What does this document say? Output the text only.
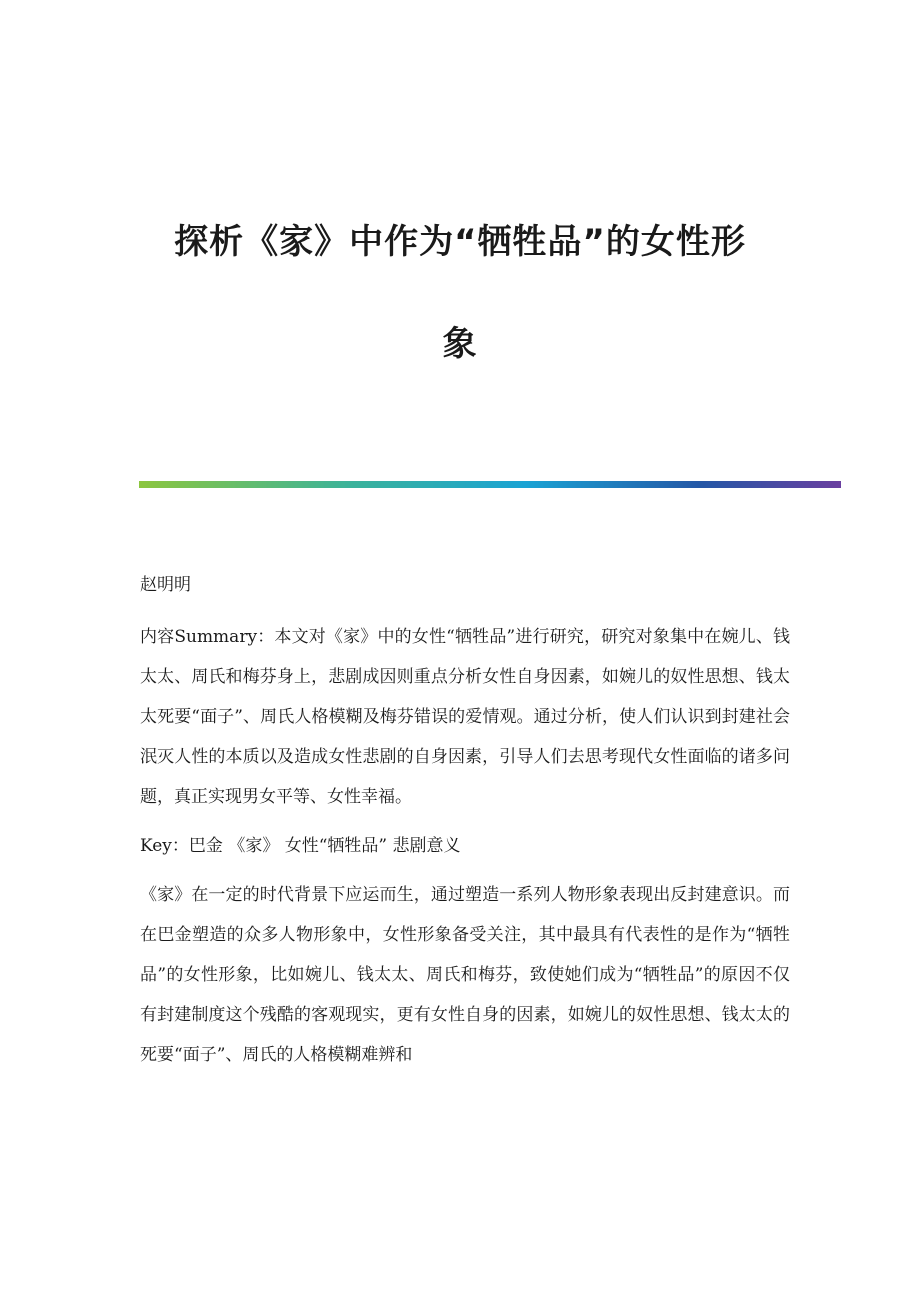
探析《家》中作为“牺牲品”的女性形
象

赵明明

内容Summary：本文对《家》中的女性“牺牲品”进行研究，研究对象集中在婉儿、钱太太、周氏和梅芬身上，悲剧成因则重点分析女性自身因素，如婉儿的奴性思想、钱太太死要“面子”、周氏人格模糊及梅芬错误的爱情观。通过分析，使人们认识到封建社会泯灭人性的本质以及造成女性悲剧的自身因素，引导人们去思考现代女性面临的诸多问题，真正实现男女平等、女性幸福。

Key：巴金 《家》 女性“牺牲品” 悲剧意义

《家》在一定的时代背景下应运而生，通过塑造一系列人物形象表现出反封建意识。而在巴金塑造的众多人物形象中，女性形象备受关注，其中最具有代表性的是作为“牺牲品”的女性形象，比如婉儿、钱太太、周氏和梅芬，致使她们成为“牺牲品”的原因不仅有封建制度这个残酷的客观现实，更有女性自身的因素，如婉儿的奴性思想、钱太太的死要“面子”、周氏的人格模糊难辨和
